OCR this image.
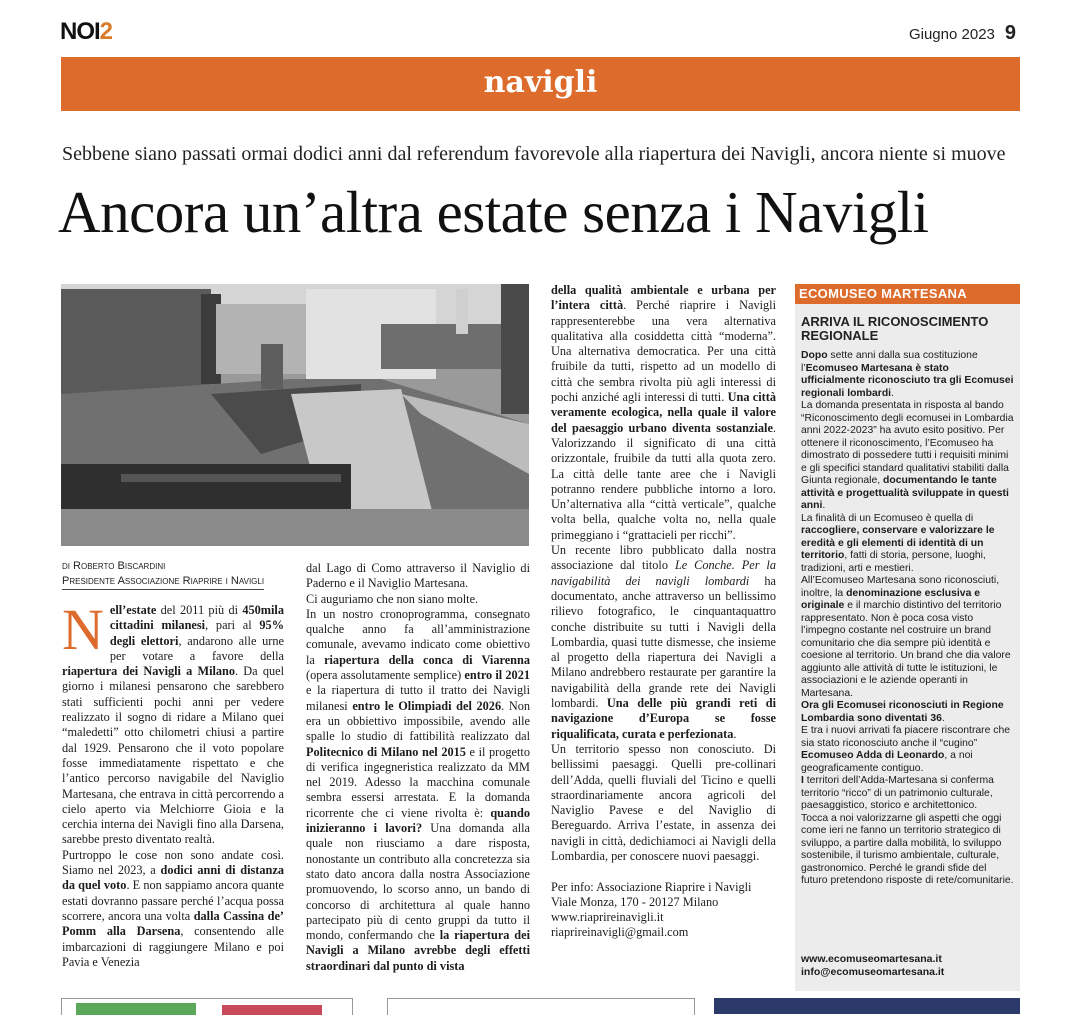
NOI2	Giugno 2023 9
navigli
Sebbene siano passati ormai dodici anni dal referendum favorevole alla riapertura dei Navigli, ancora niente si muove
Ancora un’altra estate senza i Navigli
di Roberto Biscardini
Presidente Associazione Riaprire i Navigli
N ell’estate del 2011 più di 450mila cittadini milanesi, pari al 95% degli elettori, andarono alle urne per votare a favore della riapertura dei Navigli a Milano. Da quel giorno i milanesi pensarono che sarebbero stati sufficienti pochi anni per vedere realizzato il sogno di ridare a Milano quei “maledetti” otto chilometri chiusi a partire dal 1929. Pensarono che il voto popolare fosse immediatamente rispettato e che l’antico percorso navigabile del Naviglio Martesana, che entrava in città percorrendo a cielo aperto via Melchiorre Gioia e la cerchia interna dei Navigli fino alla Darsena, sarebbe presto diventato realtà.
Purtroppo le cose non sono andate così. Siamo nel 2023, a dodici anni di distanza da quel voto. E non sappiamo ancora quante estati dovranno passare perché l’acqua possa scorrere, ancora una volta dalla Cassina de’ Pomm alla Darsena, consentendo alle imbarcazioni di raggiungere Milano e poi Pavia e Venezia

dal Lago di Como attraverso il Naviglio di Paderno e il Naviglio Martesana.
Ci auguriamo che non siano molte.
In un nostro cronoprogramma, consegnato qualche anno fa all’amministrazione comunale, avevamo indicato come obiettivo la riapertura della conca di Viarenna (opera assolutamente semplice) entro il 2021 e la riapertura di tutto il tratto dei Navigli milanesi entro le Olimpiadi del 2026. Non era un obbiettivo impossibile, avendo alle spalle lo studio di fattibilità realizzato dal Politecnico di Milano nel 2015 e il progetto di verifica ingegneristica realizzato da MM nel 2019. Adesso la macchina comunale sembra essersi arrestata. E la domanda ricorrente che ci viene rivolta è: quando inizieranno i lavori? Una domanda alla quale non riusciamo a dare risposta, nonostante un contributo alla concretezza sia stato dato ancora dalla nostra Associazione promuovendo, lo scorso anno, un bando di concorso di architettura al quale hanno partecipato più di cento gruppi da tutto il mondo, confermando che la riapertura dei Navigli a Milano avrebbe degli effetti straordinari dal punto di vista

della qualità ambientale e urbana per l’intera città. Perché riaprire i Navigli rappresenterebbe una vera alternativa qualitativa alla cosiddetta città “moderna”. Una alternativa democratica. Per una città fruibile da tutti, rispetto ad un modello di città che sembra rivolta più agli interessi di pochi anziché agli interessi di tutti. Una città veramente ecologica, nella quale il valore del paesaggio urbano diventa sostanziale. Valorizzando il significato di una città orizzontale, fruibile da tutti alla quota zero. La città delle tante aree che i Navigli potranno rendere pubbliche intorno a loro. Un’alternativa alla “città verticale”, qualche volta bella, qualche volta no, nella quale primeggiano i “grattacieli per ricchi”.
Un recente libro pubblicato dalla nostra associazione dal titolo Le Conche. Per la navigabilità dei navigli lombardi ha documentato, anche attraverso un bellissimo rilievo fotografico, le cinquantaquattro conche distribuite su tutti i Navigli della Lombardia, quasi tutte dismesse, che insieme al progetto della riapertura dei Navigli a Milano andrebbero restaurate per garantire la navigabilità della grande rete dei Navigli lombardi. Una delle più grandi reti di navigazione d’Europa se fosse riqualificata, curata e perfezionata.
Un territorio spesso non conosciuto. Di bellissimi paesaggi. Quelli pre-collinari dell’Adda, quelli fluviali del Ticino e quelli straordinariamente ancora agricoli del Naviglio Pavese e del Naviglio di Bereguardo. Arriva l’estate, in assenza dei navigli in città, dedichiamoci ai Navigli della Lombardia, per conoscere nuovi paesaggi.

Per info: Associazione Riaprire i Navigli
Viale Monza, 170 - 20127 Milano
www.riaprireinavigli.it
riaprireinavigli@gmail.com

ECOMUSEO MARTESANA
ARRIVA IL RICONOSCIMENTO REGIONALE
Dopo sette anni dalla sua costituzione l’Ecomuseo Martesana è stato ufficialmente riconosciuto tra gli Ecomusei regionali lombardi.
La domanda presentata in risposta al bando “Riconoscimento degli ecomusei in Lombardia anni 2022-2023” ha avuto esito positivo. Per ottenere il riconoscimento, l’Ecomuseo ha dimostrato di possedere tutti i requisiti minimi e gli specifici standard qualitativi stabiliti dalla Giunta regionale, documentando le tante attività e progettualità sviluppate in questi anni.
La finalità di un Ecomuseo è quella di raccogliere, conservare e valorizzare le eredità e gli elementi di identità di un territorio, fatti di storia, persone, luoghi, tradizioni, arti e mestieri.
All’Ecomuseo Martesana sono riconosciuti, inoltre, la denominazione esclusiva e originale e il marchio distintivo del territorio rappresentato. Non è poca cosa visto l’impegno costante nel costruire un brand comunitario che dia sempre più identità e coesione al territorio. Un brand che dia valore aggiunto alle attività di tutte le istituzioni, le associazioni e le aziende operanti in Martesana.
Ora gli Ecomusei riconosciuti in Regione Lombardia sono diventati 36.
E tra i nuovi arrivati fa piacere riscontrare che sia stato riconosciuto anche il “cugino” Ecomuseo Adda di Leonardo, a noi geograficamente contiguo.
I territori dell’Adda-Martesana si conferma territorio “ricco” di un patrimonio culturale, paesaggistico, storico e architettonico.
Tocca a noi valorizzarne gli aspetti che oggi come ieri ne fanno un territorio strategico di sviluppo, a partire dalla mobilità, lo sviluppo sostenibile, il turismo ambientale, culturale, gastronomico. Perché le grandi sfide del futuro pretendono risposte di rete/comunitarie.
www.ecomuseomartesana.it
info@ecomuseomartesana.it
